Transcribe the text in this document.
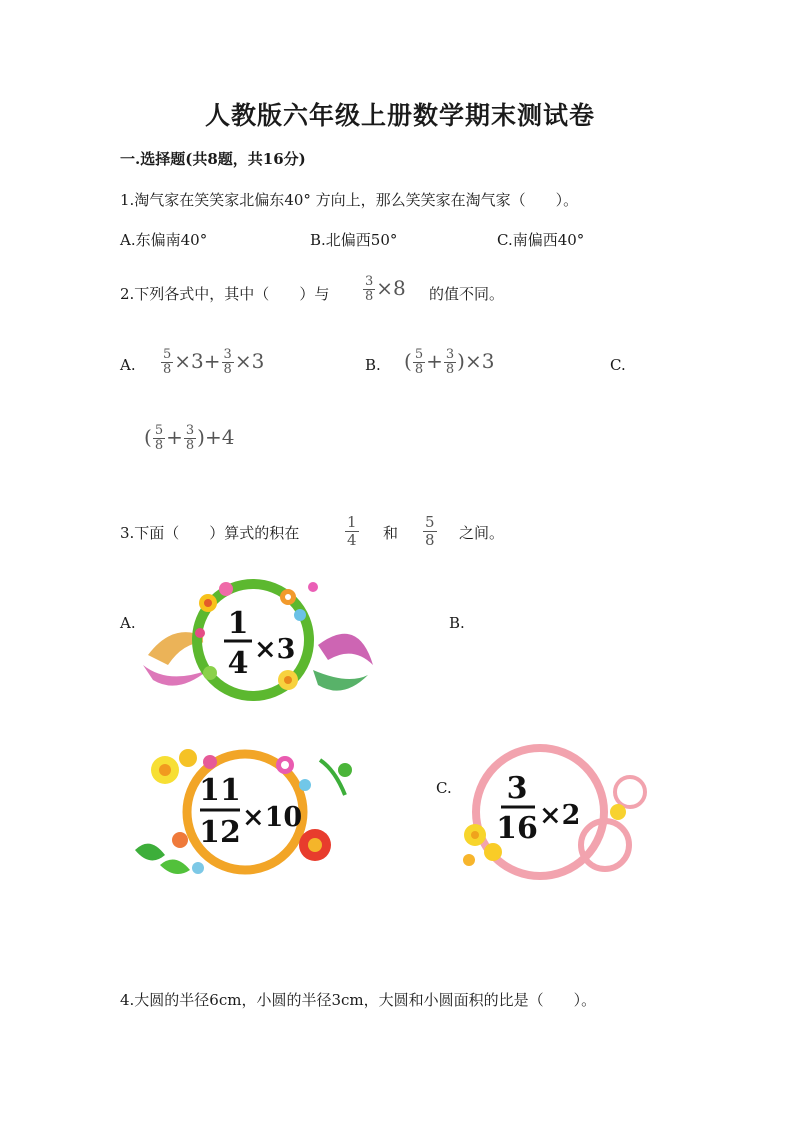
人教版六年级上册数学期末测试卷
一.选择题(共8题，共16分)
1.淘气家在笑笑家北偏东40° 方向上，那么笑笑家在淘气家（　　）。
A.东偏南40°	B.北偏西50°	C.南偏西40°
2.下列各式中，其中（　　）与	$\frac{3}{8} \times 8$ 的值不同。
A. $\frac{5}{8} \times 3+ \frac{3}{8} \times 3$	B. ( $\frac{5}{8} + \frac{3}{8} )\times 3$	C.
( $\frac{5}{8} + \frac{3}{8} )+4$
3.下面（　　）算式的积在	$\frac{1}{4}$ 和 $\frac{5}{8}$ 之间。
A.	B.
C.
1
4 ×3
11
12 ×10
3
16 ×2
4.大圆的半径6cm，小圆的半径3cm，大圆和小圆面积的比是（　　）。
